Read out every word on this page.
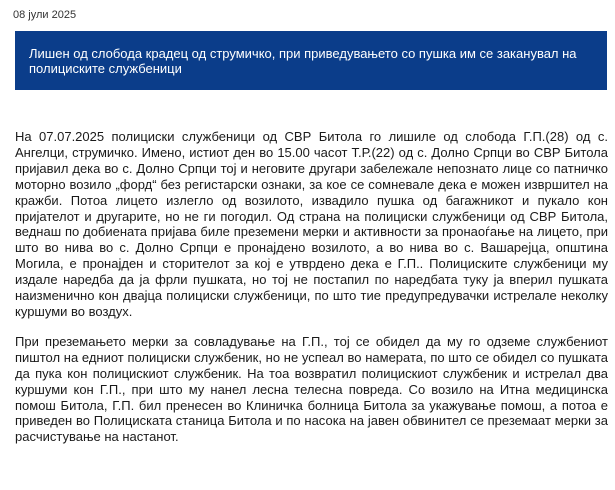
08 јули 2025
Лишен од слобода крадец од струмичко, при приведувањето со пушка им се заканувал на полициските службеници

На 07.07.2025 полициски службеници од СВР Битола го лишиле од слобода Г.П.(28) од с. Ангелци, струмичко. Имено, истиот ден во 15.00 часот Т.Р.(22) од с. Долно Српци во СВР Битола пријавил дека во с. Долно Српци тој и неговите другари забележале непознато лице со патничко моторно возило „форд“ без регистарски ознаки, за кое се сомневале дека е можен извршител на кражби. Потоа лицето излегло од возилото, извадило пушка од багажникот и пукало кон пријателот и другарите, но не ги погодил. Од страна на полициски службеници од СВР Битола, веднаш по добиената пријава биле преземени мерки и активности за пронаоѓање на лицето, при што во нива во с. Долно Српци е пронајдено возилото, а во нива во с. Вашарејца, општина Могила, е пронајден и сторителот за кој е утврдено дека е Г.П.. Полициските службеници му издале наредба да ја фрли пушката, но тој не постапил по наредбата туку ја вперил пушката наизменично кон двајца полициски службеници, по што тие предупредувачки истрелале неколку куршуми во воздух.

При преземањето мерки за совладување на Г.П., тој се обидел да му го одземе службениот пиштол на едниот полициски службеник, но не успеал во намерата, по што се обидел со пушката да пука кон полицискиот службеник. На тоа возвратил полицискиот службеник и истрелал два куршуми кон Г.П., при што му нанел лесна телесна повреда. Со возило на Итна медицинска помош Битола, Г.П. бил пренесен во Клиничка болница Битола за укажување помош, а потоа е приведен во Полициската станица Битола и по насока на јавен обвинител се преземаат мерки за расчистување на настанот.
